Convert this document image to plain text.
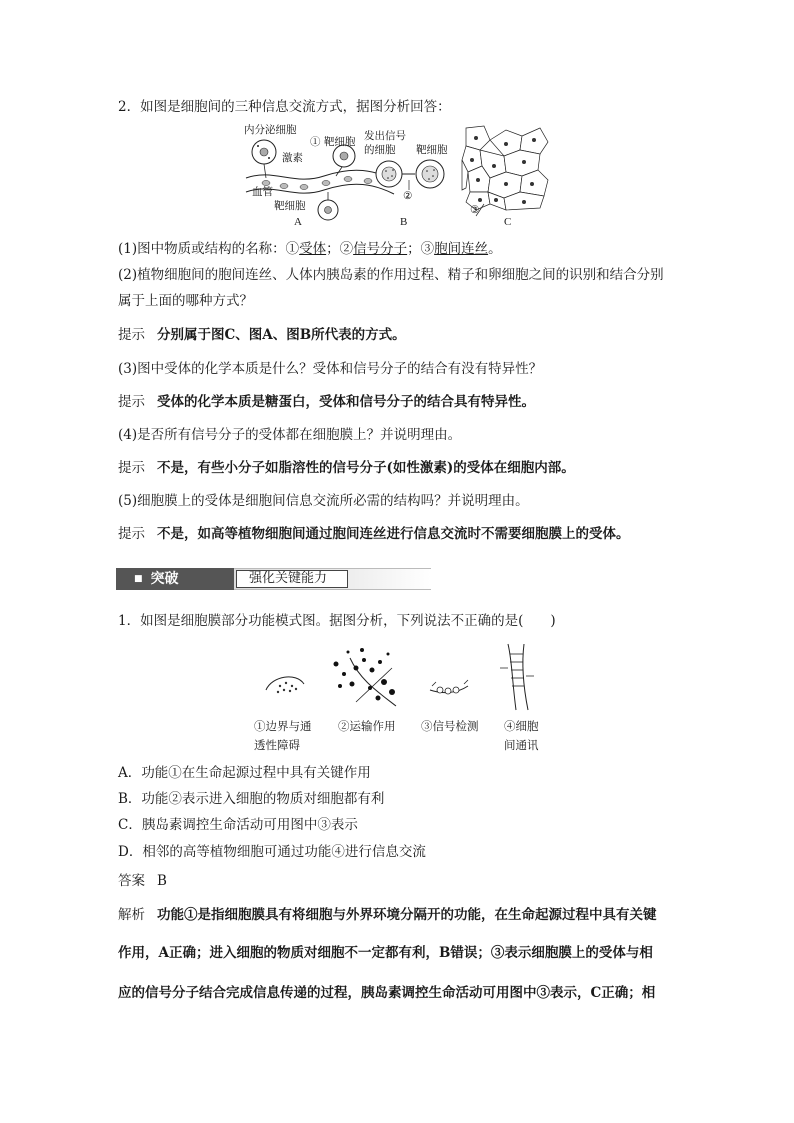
2．如图是细胞间的三种信息交流方式，据图分析回答：
内分泌细胞
① 靶细胞
激素
血管
靶细胞
发出信号
的细胞 靶细胞
②
③
A	B	C
(1)图中物质或结构的名称：①受体；②信号分子；③胞间连丝。
(2)植物细胞间的胞间连丝、人体内胰岛素的作用过程、精子和卵细胞之间的识别和结合分别
属于上面的哪种方式？
提示 分别属于图C、图A、图B所代表的方式。
(3)图中受体的化学本质是什么？受体和信号分子的结合有没有特异性？
提示 受体的化学本质是糖蛋白，受体和信号分子的结合具有特异性。
(4)是否所有信号分子的受体都在细胞膜上？并说明理由。
提示 不是，有些小分子如脂溶性的信号分子(如性激素)的受体在细胞内部。
(5)细胞膜上的受体是细胞间信息交流所必需的结构吗？并说明理由。
提示 不是，如高等植物细胞间通过胞间连丝进行信息交流时不需要细胞膜上的受体。
■ 突破	强化关键能力
1．如图是细胞膜部分功能模式图。据图分析，下列说法不正确的是(　　)
①边界与通
透性障碍
②运输作用 ③信号检测 ④细胞
间通讯
A．功能①在生命起源过程中具有关键作用
B．功能②表示进入细胞的物质对细胞都有利
C．胰岛素调控生命活动可用图中③表示
D．相邻的高等植物细胞可通过功能④进行信息交流
答案 B
解析 功能①是指细胞膜具有将细胞与外界环境分隔开的功能，在生命起源过程中具有关键
作用，A正确；进入细胞的物质对细胞不一定都有利，B错误；③表示细胞膜上的受体与相
应的信号分子结合完成信息传递的过程，胰岛素调控生命活动可用图中③表示，C正确；相
